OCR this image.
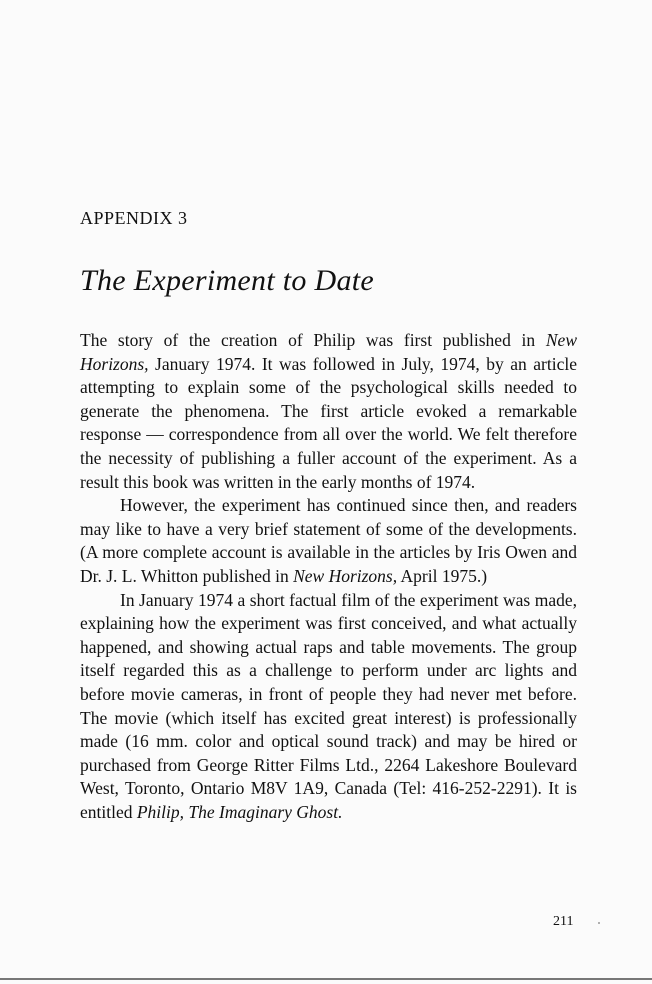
APPENDIX 3
The Experiment to Date

The story of the creation of Philip was first published in New Horizons, January 1974. It was followed in July, 1974, by an article attempting to explain some of the psychological skills needed to generate the phenomena. The first article evoked a remarkable response — correspondence from all over the world. We felt therefore the necessity of publishing a fuller account of the experiment. As a result this book was written in the early months of 1974.

However, the experiment has continued since then, and readers may like to have a very brief statement of some of the developments. (A more complete account is available in the articles by Iris Owen and Dr. J. L. Whitton published in New Horizons, April 1975.)

In January 1974 a short factual film of the experiment was made, explaining how the experiment was first conceived, and what actually happened, and showing actual raps and table movements. The group itself regarded this as a challenge to perform under arc lights and before movie cameras, in front of people they had never met before. The movie (which itself has excited great interest) is professionally made (16 mm. color and optical sound track) and may be hired or purchased from George Ritter Films Ltd., 2264 Lakeshore Boulevard West, Toronto, Ontario M8V 1A9, Canada (Tel: 416-252-2291). It is entitled Philip, The Imaginary Ghost.

211
